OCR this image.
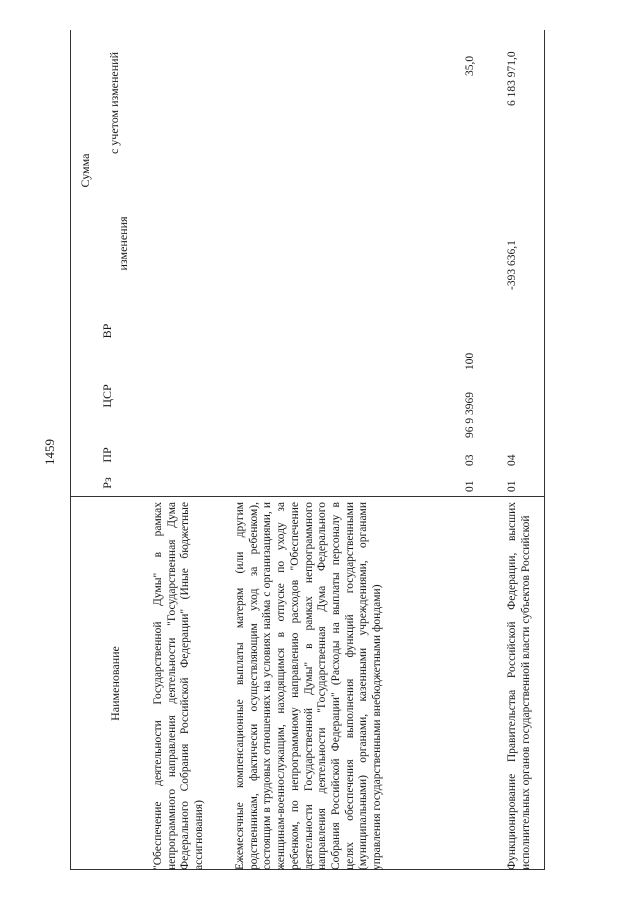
1459
Наименование
Рз
ПР
ЦСР
ВР
Сумма
изменения
с учетом изменений
"Обеспечение деятельности Государственной Думы" в рамках непрограммного направления деятельности "Государственная Дума Федерального Собрания Российской Федерации" (Иные бюджетные ассигнования)	Ежемесячные компенсационные выплаты матерям (или другим родственникам, фактически осуществляющим уход за ребенком), состоящим в трудовых отношениях на условиях найма с организациями, и женщинам-военнослужащим, находящимся в отпуске по уходу за ребенком, по непрограммному направлению расходов "Обеспечение деятельности Государственной Думы" в рамках непрограммного направления деятельности "Государственная Дума Федерального Собрания Российской Федерации" (Расходы на выплаты персоналу в целях обеспечения выполнения функций государственными (муниципальными) органами, казенными учреждениями, органами управления государственными внебюджетными фондами)
01
03
96 9 3969
100
35,0
Функционирование Правительства Российской Федерации, высших исполнительных органов государственной власти субъектов Российской
01
04
-393 636,1
6 183 971,0
